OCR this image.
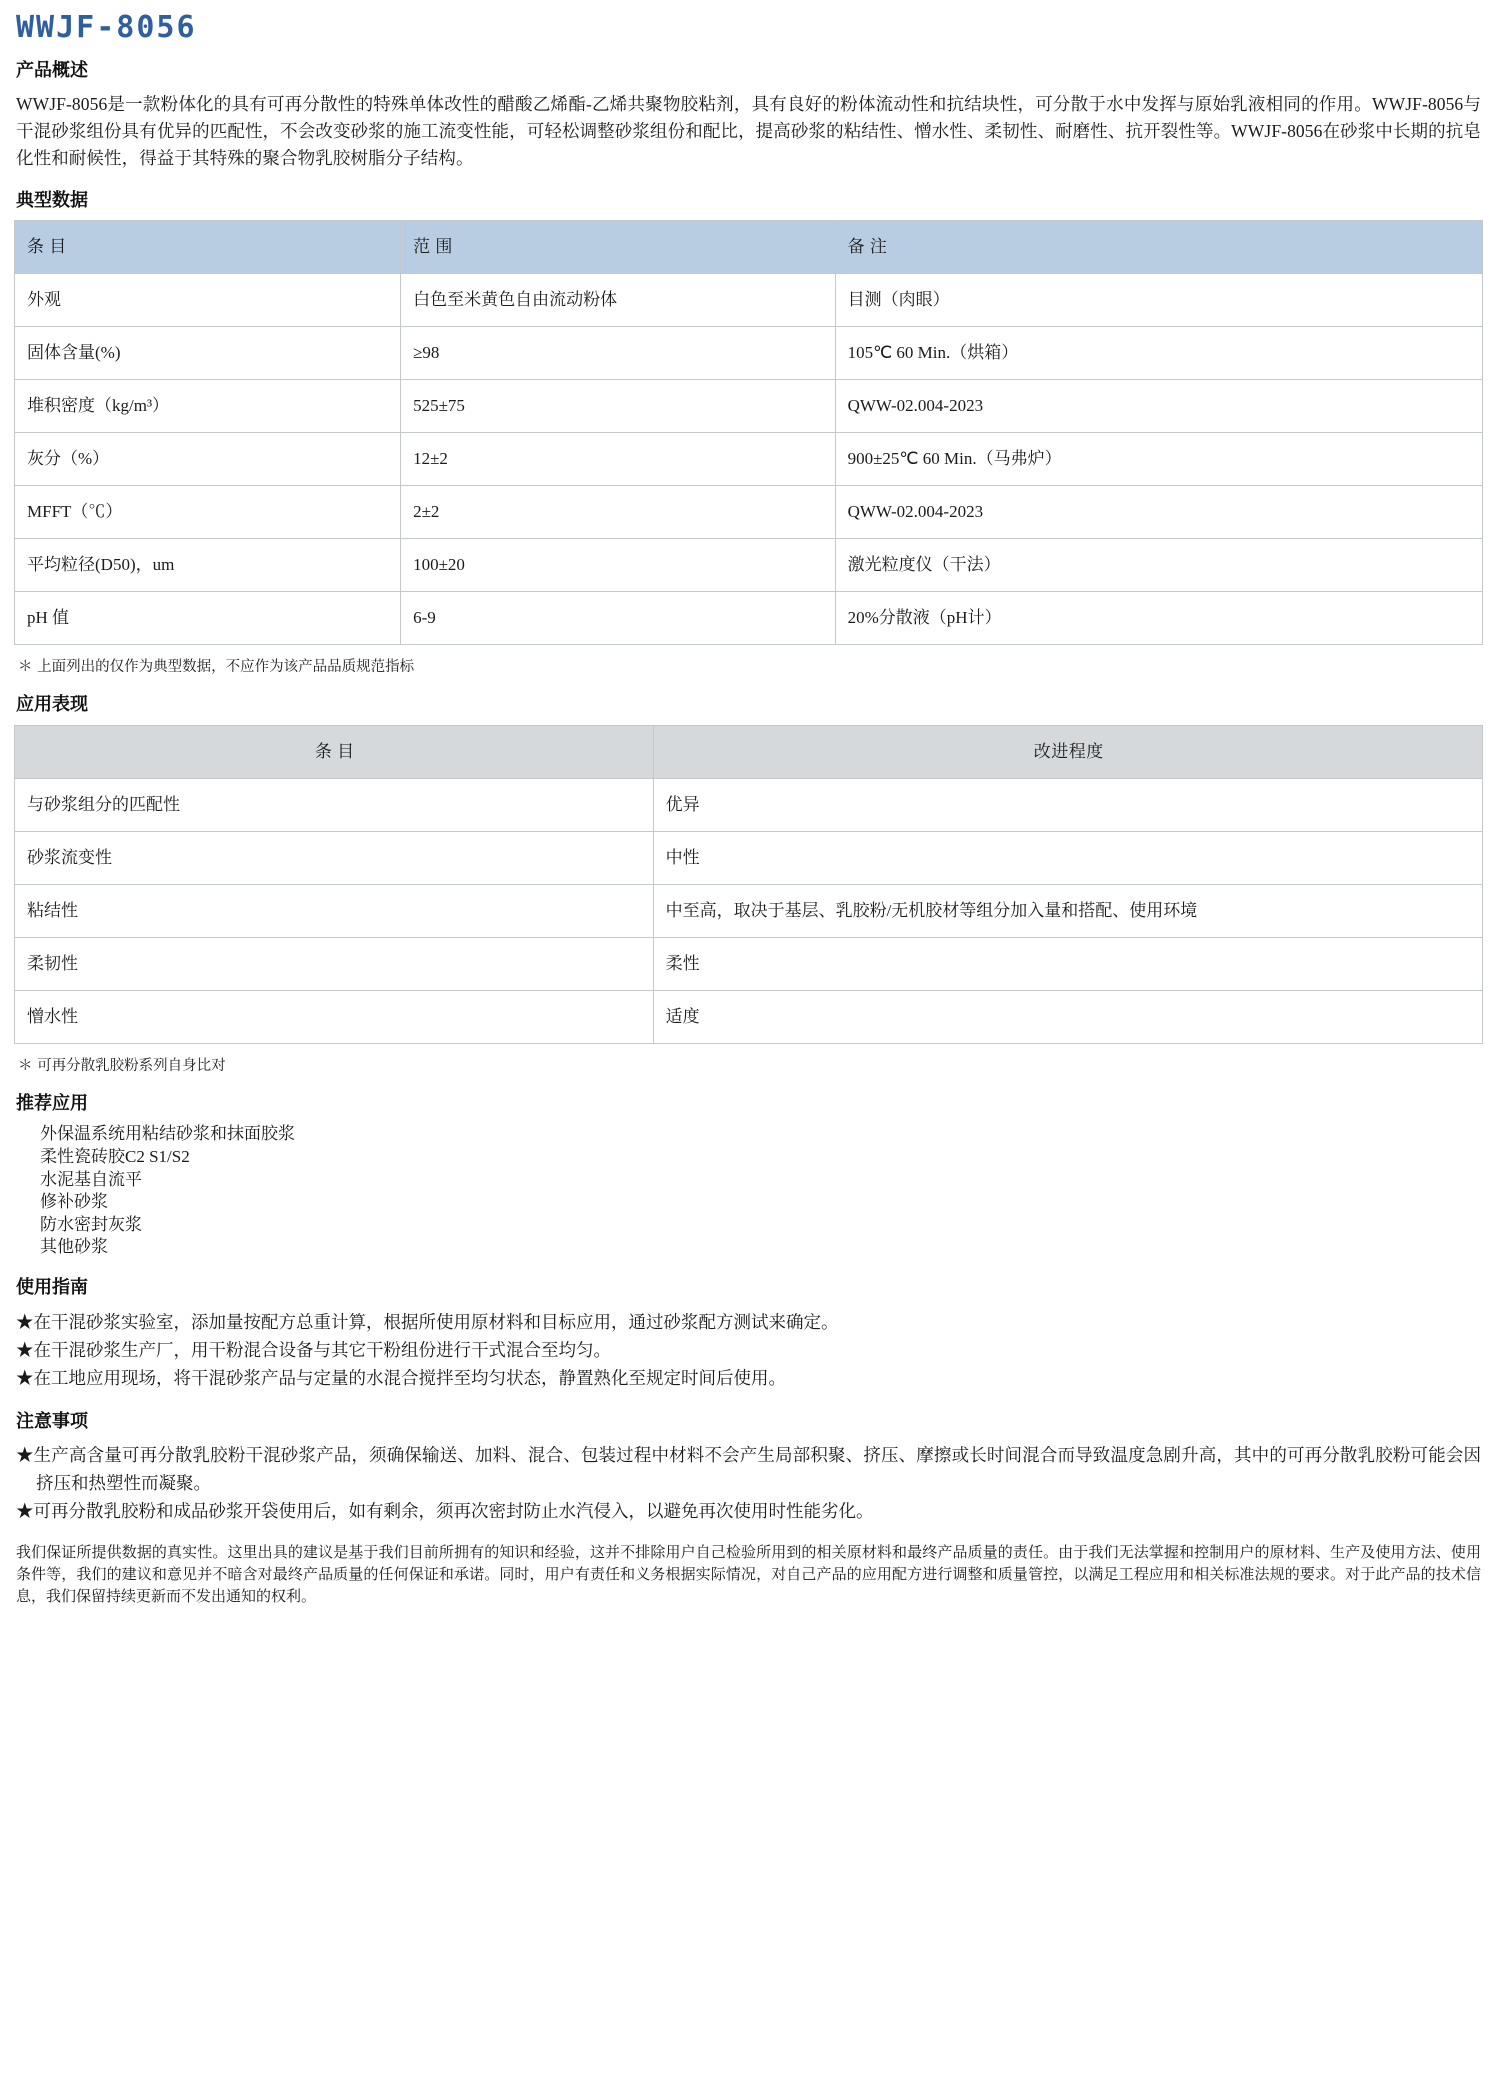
WWJF-8056
产品概述

WWJF-8056是一款粉体化的具有可再分散性的特殊单体改性的醋酸乙烯酯-乙烯共聚物胶粘剂，具有良好的粉体流动性和抗结块性，可分散于水中发挥与原始乳液相同的作用。WWJF-8056与干混砂浆组份具有优异的匹配性，不会改变砂浆的施工流变性能，可轻松调整砂浆组份和配比，提高砂浆的粘结性、憎水性、柔韧性、耐磨性、抗开裂性等。WWJF-8056在砂浆中长期的抗皂化性和耐候性，得益于其特殊的聚合物乳胶树脂分子结构。

典型数据
条 目	范 围	备 注
外观	白色至米黄色自由流动粉体	目测（肉眼）
固体含量(%)	≥98	105℃ 60 Min.（烘箱）
堆积密度（kg/m³）	525±75	QWW-02.004-2023
灰分（%）	12±2	900±25℃ 60 Min.（马弗炉）
MFFT（℃）	2±2	QWW-02.004-2023
平均粒径(D50)，um	100±20	激光粒度仪（干法）
pH 值	6-9	20%分散液（pH计）
＊ 上面列出的仅作为典型数据，不应作为该产品品质规范指标
应用表现
条 目	改进程度
与砂浆组分的匹配性	优异
砂浆流变性	中性
粘结性	中至高，取决于基层、乳胶粉/无机胶材等组分加入量和搭配、使用环境
柔韧性	柔性
憎水性	适度
＊ 可再分散乳胶粉系列自身比对
推荐应用
外保温系统用粘结砂浆和抹面胶浆
柔性瓷砖胶C2 S1/S2
水泥基自流平
修补砂浆
防水密封灰浆
其他砂浆
使用指南
★在干混砂浆实验室，添加量按配方总重计算，根据所使用原材料和目标应用，通过砂浆配方测试来确定。
★在干混砂浆生产厂，用干粉混合设备与其它干粉组份进行干式混合至均匀。
★在工地应用现场，将干混砂浆产品与定量的水混合搅拌至均匀状态，静置熟化至规定时间后使用。
注意事项
★生产高含量可再分散乳胶粉干混砂浆产品，须确保输送、加料、混合、包装过程中材料不会产生局部积聚、挤压、摩擦或长时间混合而导致温度急剧升高，其中的可再分散乳胶粉可能会因挤压和热塑性而凝聚。
★可再分散乳胶粉和成品砂浆开袋使用后，如有剩余，须再次密封防止水汽侵入，以避免再次使用时性能劣化。
我们保证所提供数据的真实性。这里出具的建议是基于我们目前所拥有的知识和经验，这并不排除用户自己检验所用到的相关原材料和最终产品质量的责任。由于我们无法掌握和控制用户的原材料、生产及使用方法、使用条件等，我们的建议和意见并不暗含对最终产品质量的任何保证和承诺。同时，用户有责任和义务根据实际情况，对自己产品的应用配方进行调整和质量管控，以满足工程应用和相关标准法规的要求。对于此产品的技术信息，我们保留持续更新而不发出通知的权利。
